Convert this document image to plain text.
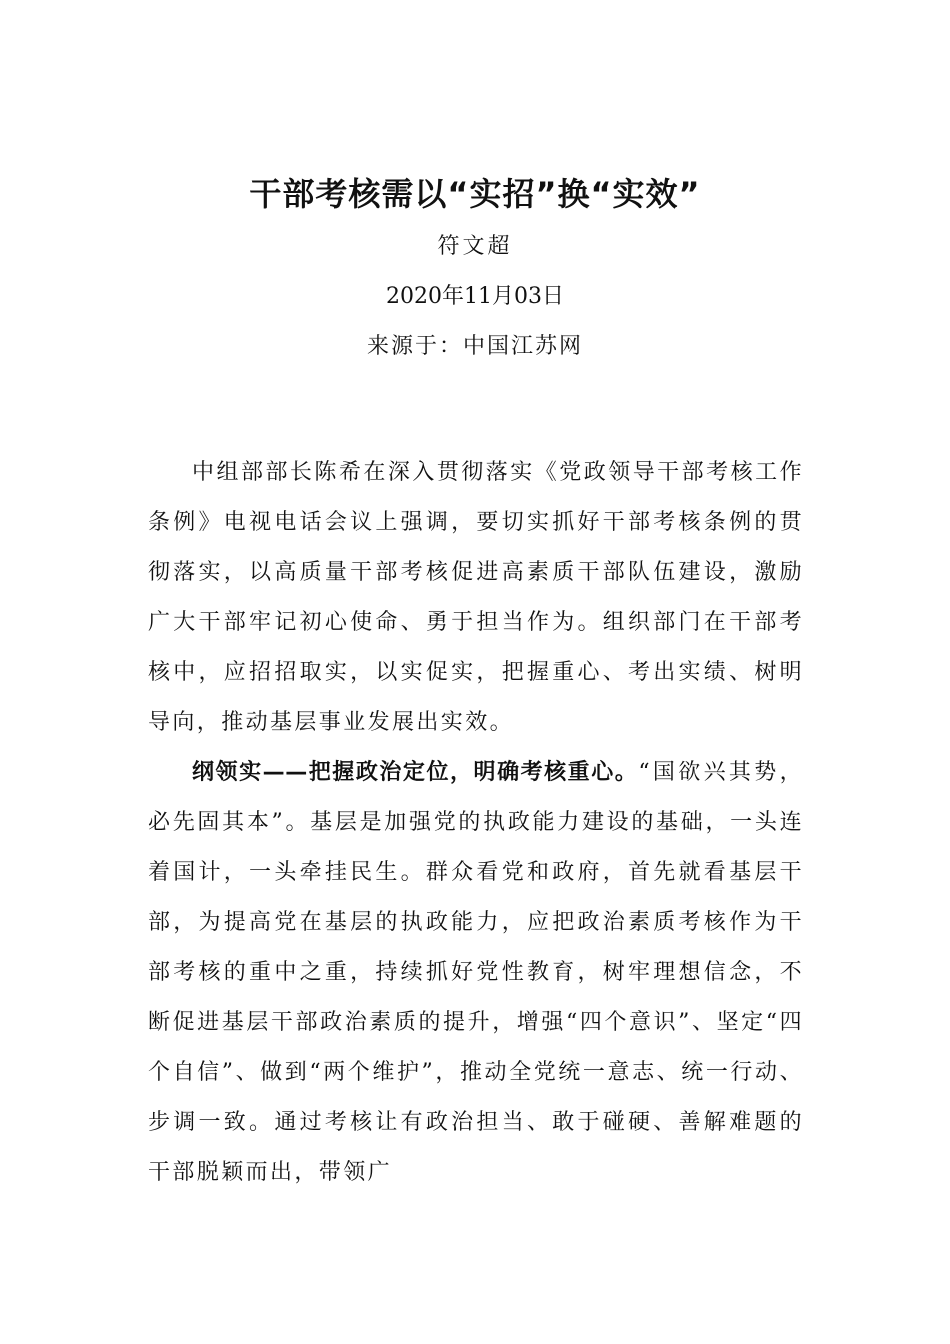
干部考核需以“实招”换“实效”

符文超

2020年11月03日

来源于：中国江苏网

中组部部长陈希在深入贯彻落实《党政领导干部考核工作条例》电视电话会议上强调，要切实抓好干部考核条例的贯彻落实，以高质量干部考核促进高素质干部队伍建设，激励广大干部牢记初心使命、勇于担当作为。组织部门在干部考核中，应招招取实，以实促实，把握重心、考出实绩、树明导向，推动基层事业发展出实效。

纲领实——把握政治定位，明确考核重心。“国欲兴其势，必先固其本”。基层是加强党的执政能力建设的基础，一头连着国计，一头牵挂民生。群众看党和政府，首先就看基层干部，为提高党在基层的执政能力，应把政治素质考核作为干部考核的重中之重，持续抓好党性教育，树牢理想信念，不断促进基层干部政治素质的提升，增强“四个意识”、坚定“四个自信”、做到“两个维护”，推动全党统一意志、统一行动、步调一致。通过考核让有政治担当、敢于碰硬、善解难题的干部脱颖而出，带领广
